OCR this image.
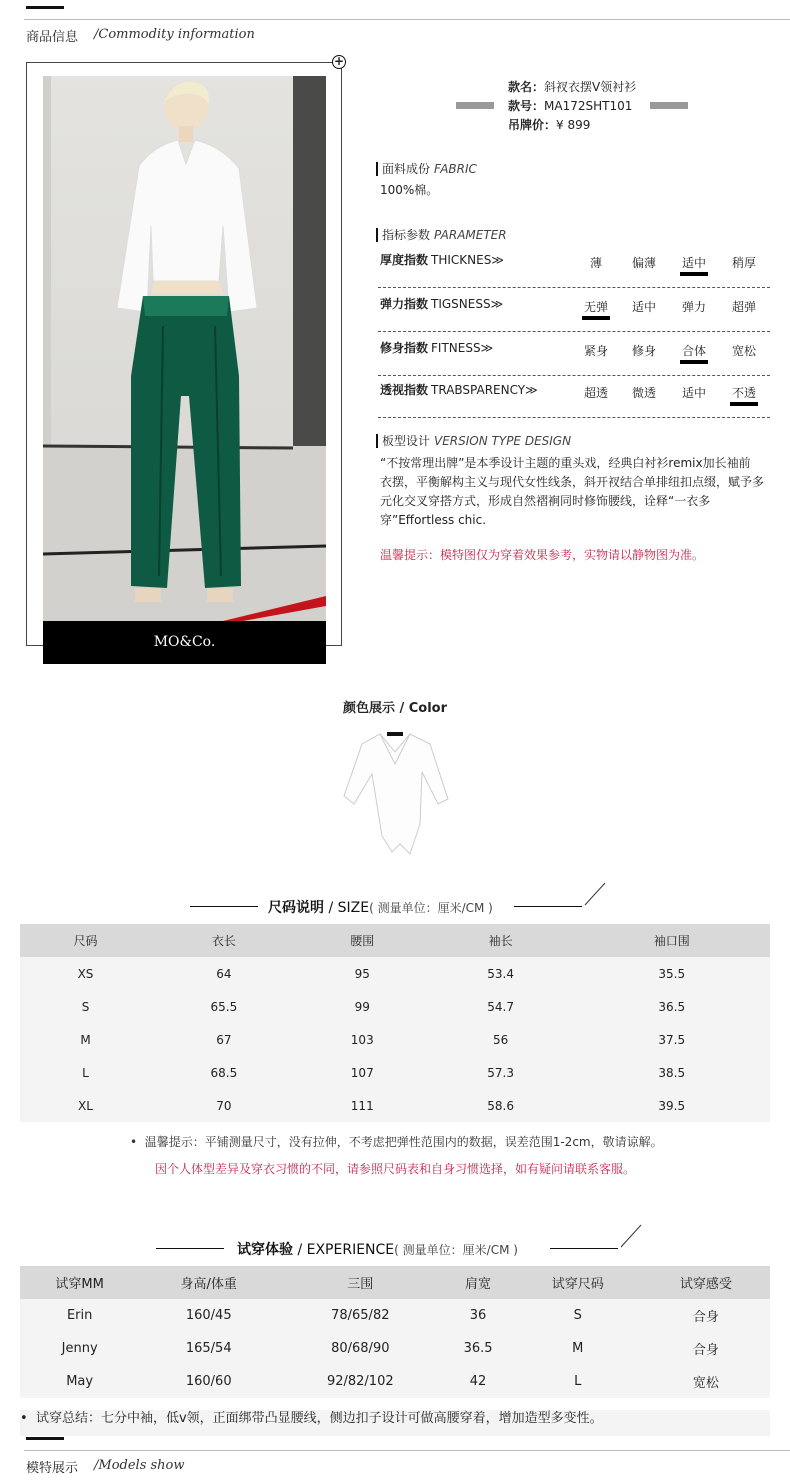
商品信息 /Commodity information
+
MO&Co.
款名：斜衩衣摆V领衬衫
款号：MA172SHT101
吊牌价：¥ 899
面料成份 FABRIC
100%棉。
指标参数 PARAMETER
厚度指数 THICKNES≫	薄	偏薄	适中	稍厚
弹力指数 TIGSNESS≫	无弹	适中	弹力	超弹
修身指数 FITNESS≫	紧身	修身	合体	宽松
透视指数 TRABSPARENCY≫	超透	微透	适中	不透
板型设计 VERSION TYPE DESIGN
“不按常理出牌”是本季设计主题的重头戏，经典白衬衫remix加长袖前
衣摆，平衡解构主义与现代女性线条，斜开衩结合单排纽扣点缀，赋予多
元化交叉穿搭方式，形成自然褶裥同时修饰腰线，诠释“一衣多
穿”Effortless chic.
温馨提示：模特图仅为穿着效果参考，实物请以静物图为准。
颜色展示 / Color
尺码说明 / SIZE( 测量单位：厘米/CM )
尺码	衣长	腰围	袖长	袖口围
XS	64	95	53.4	35.5
S	65.5	99	54.7	36.5
M	67	103	56	37.5
L	68.5	107	57.3	38.5
XL	70	111	58.6	39.5
•  温馨提示：平铺测量尺寸，没有拉伸，不考虑把弹性范围内的数据，误差范围1-2cm，敬请谅解。
因个人体型差异及穿衣习惯的不同，请参照尺码表和自身习惯选择，如有疑问请联系客服。
试穿体验 / EXPERIENCE( 测量单位：厘米/CM )
试穿MM	身高/体重	三围	肩宽	试穿尺码	试穿感受
Erin	160/45	78/65/82	36	S	合身
Jenny	165/54	80/68/90	36.5	M	合身
May	160/60	92/82/102	42	L	宽松
•  试穿总结：七分中袖，低v领，正面绑带凸显腰线，侧边扣子设计可做高腰穿着，增加造型多变性。
模特展示 /Models show
